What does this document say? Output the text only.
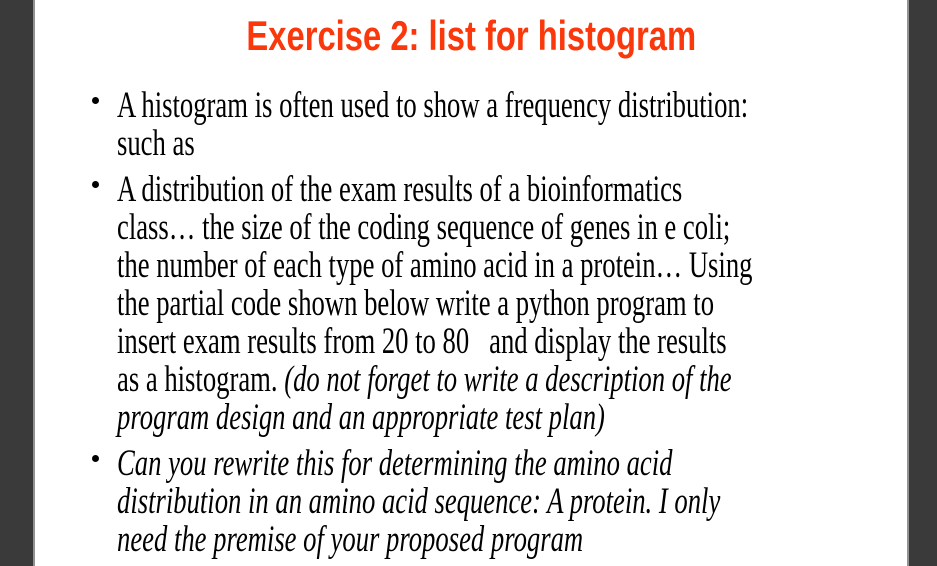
Exercise 2: list for histogram
A histogram is often used to show a frequency distribution:
such as
A distribution of the exam results of a bioinformatics
class… the size of the coding sequence of genes in e coli;
the number of each type of amino acid in a protein… Using
the partial code shown below write a python program to
insert exam results from 20 to 80   and display the results
as a histogram. (do not forget to write a description of the
program design and an appropriate test plan)
Can you rewrite this for determining the amino acid
distribution in an amino acid sequence: A protein. I only
need the premise of your proposed program
